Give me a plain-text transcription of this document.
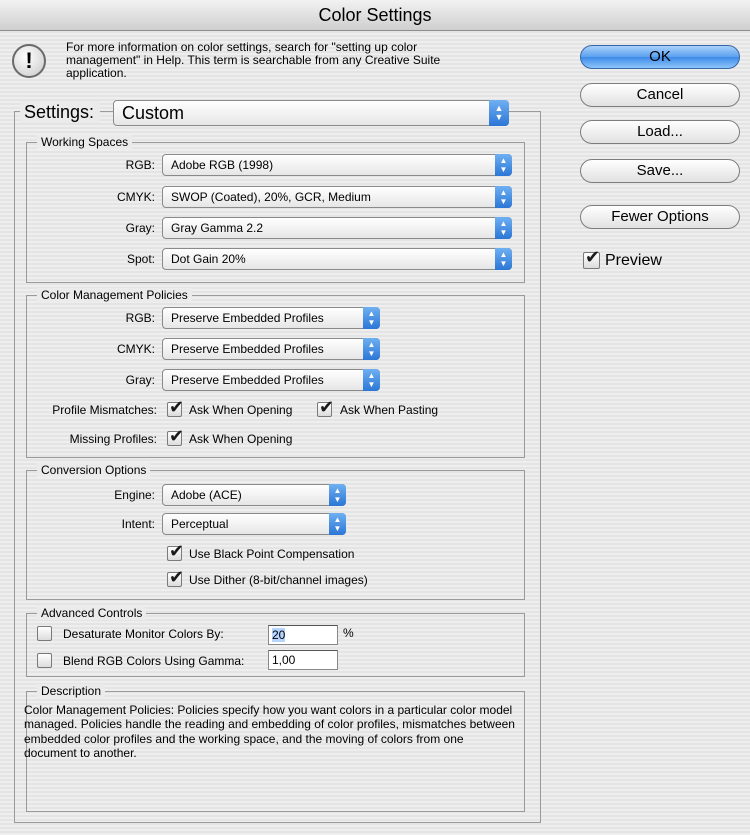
Color Settings
!
For more information on color settings, search for "setting up color management" in Help. This term is searchable from any Creative Suite application.
Settings:	Custom	▲
▼
Working Spaces
RGB:	Adobe RGB (1998)	▲
▼
CMYK:	SWOP (Coated), 20%, GCR, Medium	▲
▼
Gray:	Gray Gamma 2.2	▲
▼
Spot:	Dot Gain 20%	▲
▼
Color Management Policies
RGB:	Preserve Embedded Profiles	▲
▼
CMYK:	Preserve Embedded Profiles	▲
▼
Gray:	Preserve Embedded Profiles	▲
▼
Profile Mismatches: ✔	Ask When Opening ✔	Ask When Pasting
Missing Profiles: ✔	Ask When Opening
Conversion Options
Engine:	Adobe (ACE)	▲
▼
Intent:	Perceptual	▲
▼
✔
Use Black Point Compensation
✔
Use Dither (8-bit/channel images)
Advanced Controls
Desaturate Monitor Colors By:	20	%
Blend RGB Colors Using Gamma:	1,00
Description
Color Management Policies: Policies specify how you want colors in a particular color model managed. Policies handle the reading and embedding of color profiles, mismatches between embedded color profiles and the working space, and the moving of colors from one document to another.
OK
Cancel
Load...
Save...
Fewer Options
✔
Preview
